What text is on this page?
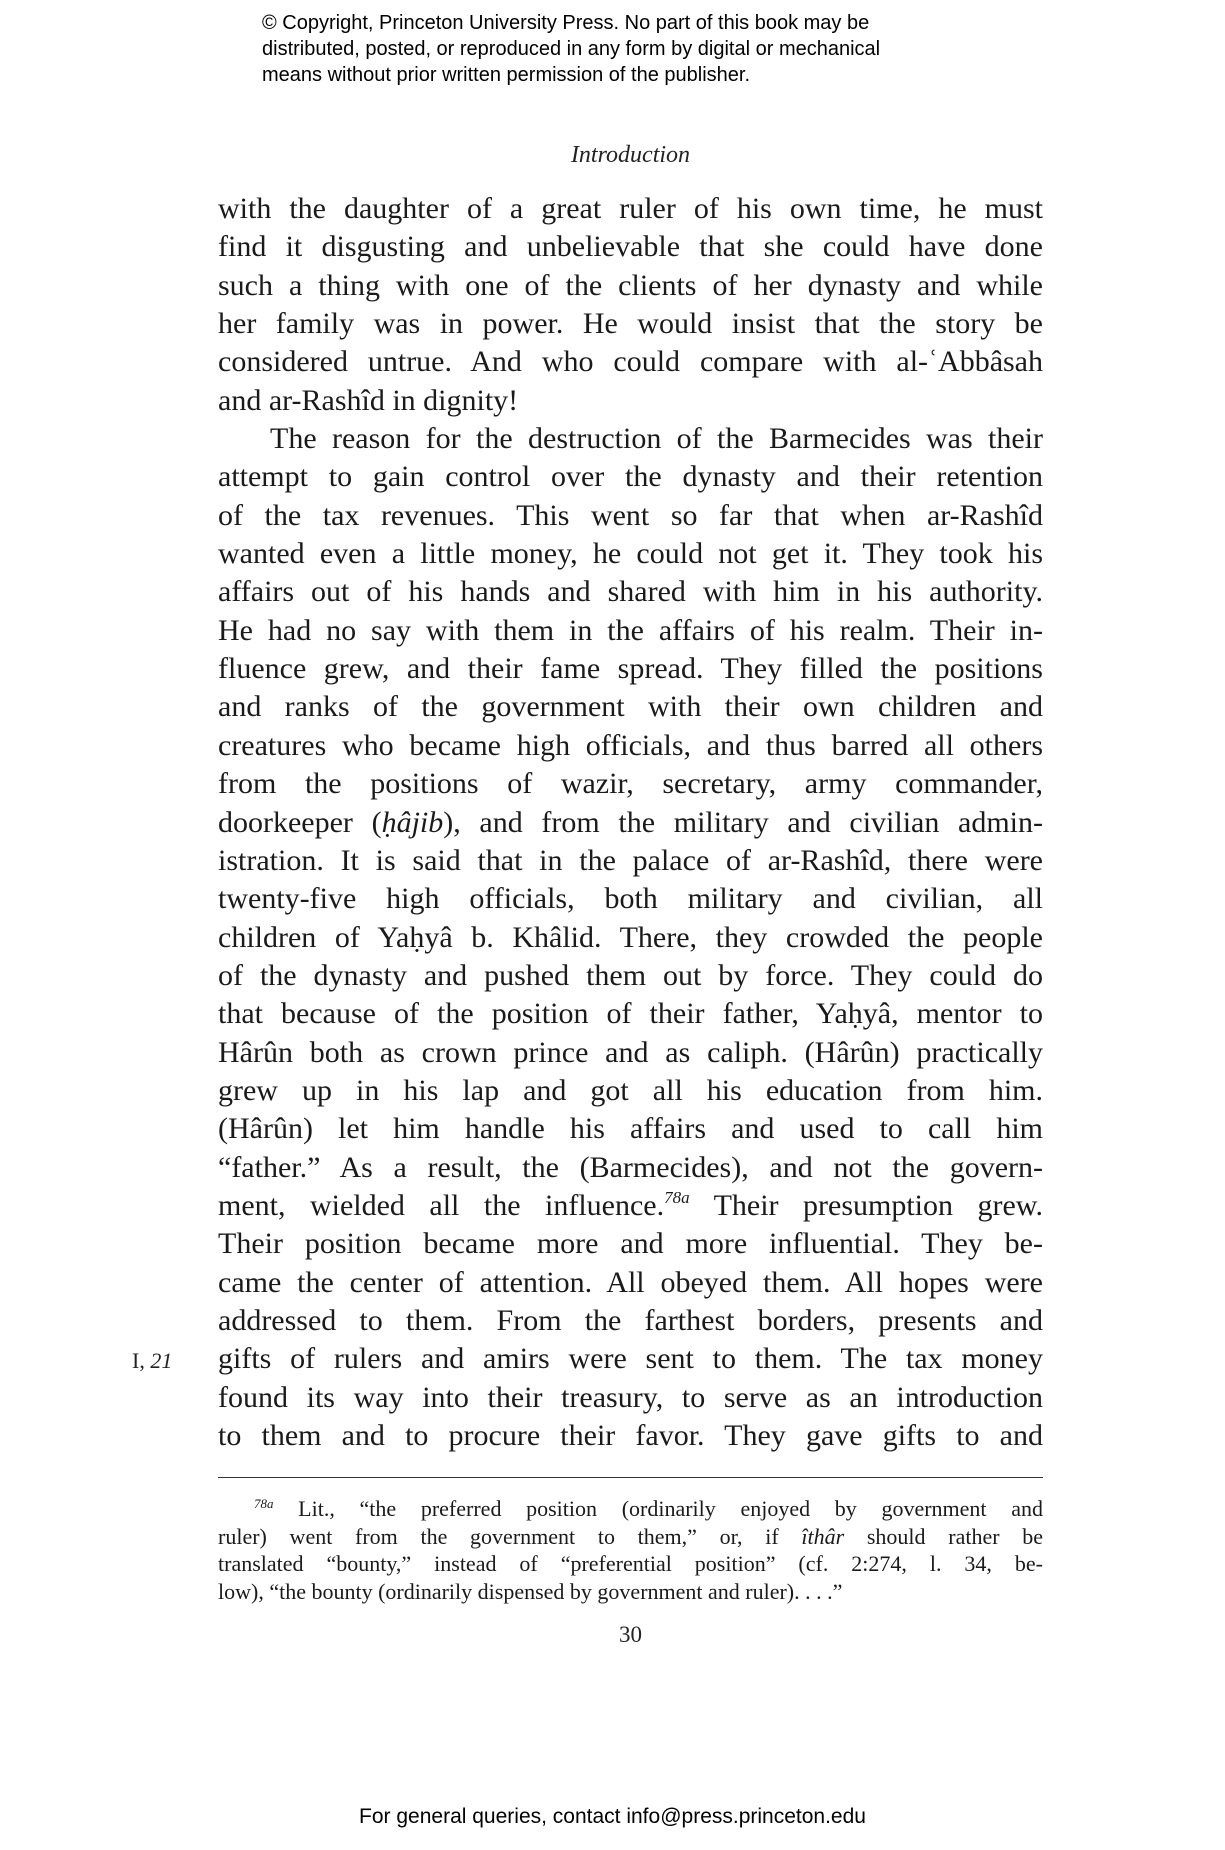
© Copyright, Princeton University Press. No part of this book may be
distributed, posted, or reproduced in any form by digital or mechanical
means without prior written permission of the publisher.
Introduction
with the daughter of a great ruler of his own time, he must
find it disgusting and unbelievable that she could have done
such a thing with one of the clients of her dynasty and while
her family was in power. He would insist that the story be
considered untrue. And who could compare with al-ʿAbbâsah
and ar-Rashîd in dignity!
The reason for the destruction of the Barmecides was their
attempt to gain control over the dynasty and their retention
of the tax revenues. This went so far that when ar-Rashîd
wanted even a little money, he could not get it. They took his
affairs out of his hands and shared with him in his authority.
He had no say with them in the affairs of his realm. Their in-
fluence grew, and their fame spread. They filled the positions
and ranks of the government with their own children and
creatures who became high officials, and thus barred all others
from the positions of wazir, secretary, army commander,
doorkeeper (ḥâjib), and from the military and civilian admin-
istration. It is said that in the palace of ar-Rashîd, there were
twenty-five high officials, both military and civilian, all
children of Yaḥyâ b. Khâlid. There, they crowded the people
of the dynasty and pushed them out by force. They could do
that because of the position of their father, Yaḥyâ, mentor to
Hârûn both as crown prince and as caliph. (Hârûn) practically
grew up in his lap and got all his education from him.
(Hârûn) let him handle his affairs and used to call him
“father.” As a result, the (Barmecides), and not the govern-
ment, wielded all the influence.$^{78a}$ Their presumption grew.
Their position became more and more influential. They be-
came the center of attention. All obeyed them. All hopes were
addressed to them. From the farthest borders, presents and
gifts of rulers and amirs were sent to them. The tax money
found its way into their treasury, to serve as an introduction
to them and to procure their favor. They gave gifts to and
I, 21
$^{78a}$ Lit., “the preferred position (ordinarily enjoyed by government and
ruler) went from the government to them,” or, if îthâr should rather be
translated “bounty,” instead of “preferential position” (cf. 2:274, l. 34, be-
low), “the bounty (ordinarily dispensed by government and ruler). . . .”
30
For general queries, contact info@press.princeton.edu
